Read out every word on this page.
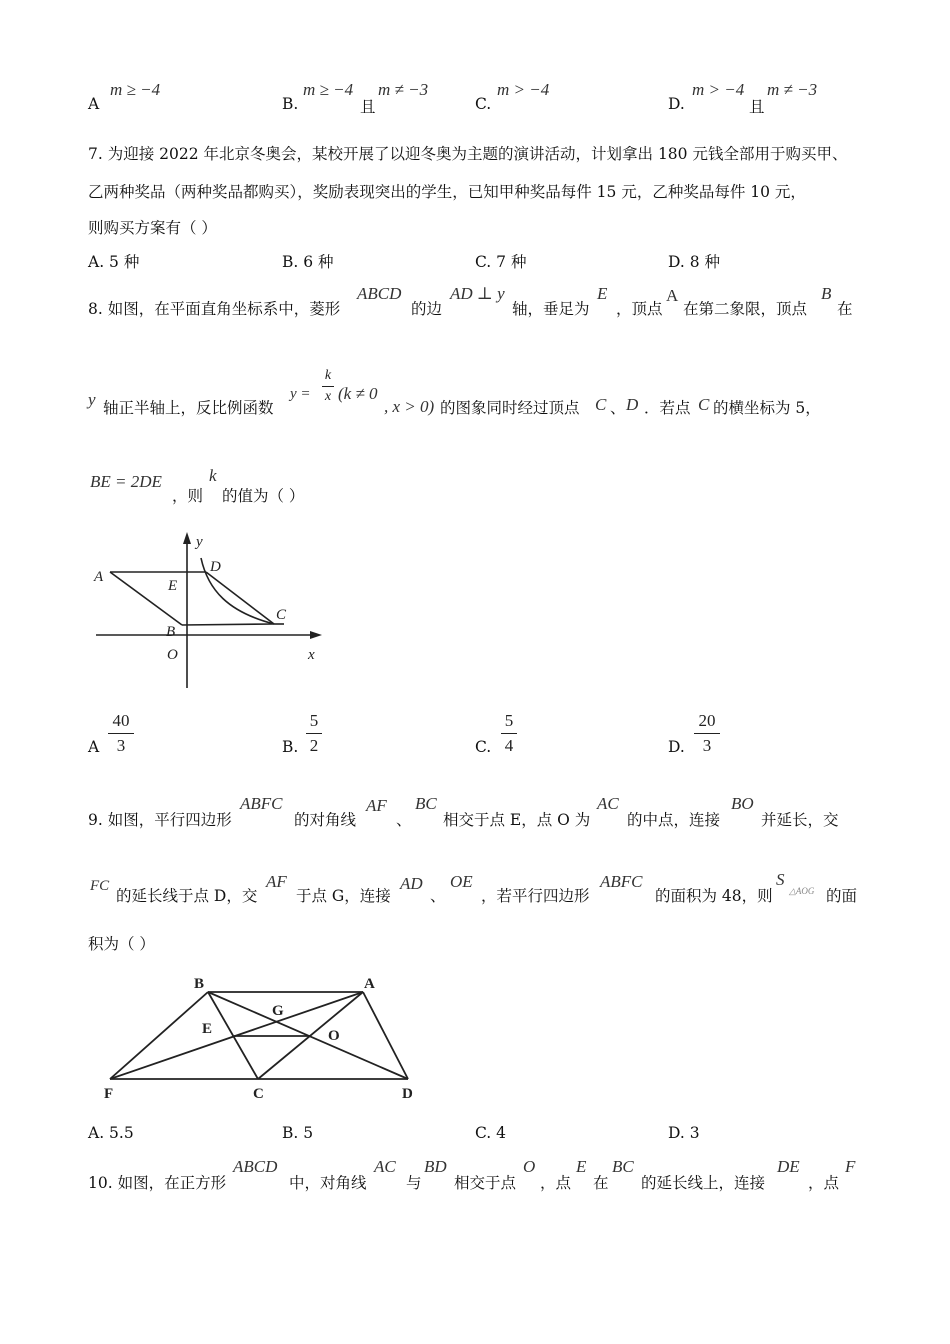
A
m ≥ −4
B.
m ≥ −4
且
m ≠ −3
C.
m > −4
D.
m > −4
且
m ≠ −3
7. 为迎接 2022 年北京冬奥会，某校开展了以迎冬奥为主题的演讲活动，计划拿出 180 元钱全部用于购买甲、
乙两种奖品（两种奖品都购买），奖励表现突出的学生，已知甲种奖品每件 15 元，乙种奖品每件 10 元，
则购买方案有（ ）
A. 5 种	B. 6 种	C. 7 种	D. 8 种
8. 如图，在平面直角坐标系中，菱形
ABCD
的边
AD ⊥ y
轴，垂足为
E
，顶点
A
在第二象限，顶点
B
在
y 轴正半轴上，反比例函数
y =
k
x (k ≠ 0
, x > 0) 的图象同时经过顶点 C 、 D ．若点 C 的横坐标为 5，
BE = 2DE
，则
k
的值为（ ）
y
D
A
E
C
B
O	x
A
40
3	B.
5
2	C.
5
4	D.
20
3
9. 如图，平行四边形
ABFC
的对角线
AF
、
BC
相交于点 E，点 O 为
AC
的中点，连接
BO
并延长，交
FC
的延长线于点 D，交
AF
于点 G，连接
AD
、
OE
，若平行四边形
ABFC
的面积为 48，则
S
△AOG 的面
积为（ ）
B	A
G
E	O
F	C	D
A. 5.5	B. 5	C. 4	D. 3
10. 如图，在正方形
ABCD
中，对角线
AC
与
BD
相交于点
O
，点
E
在
BC
的延长线上，连接
DE
，点
F
